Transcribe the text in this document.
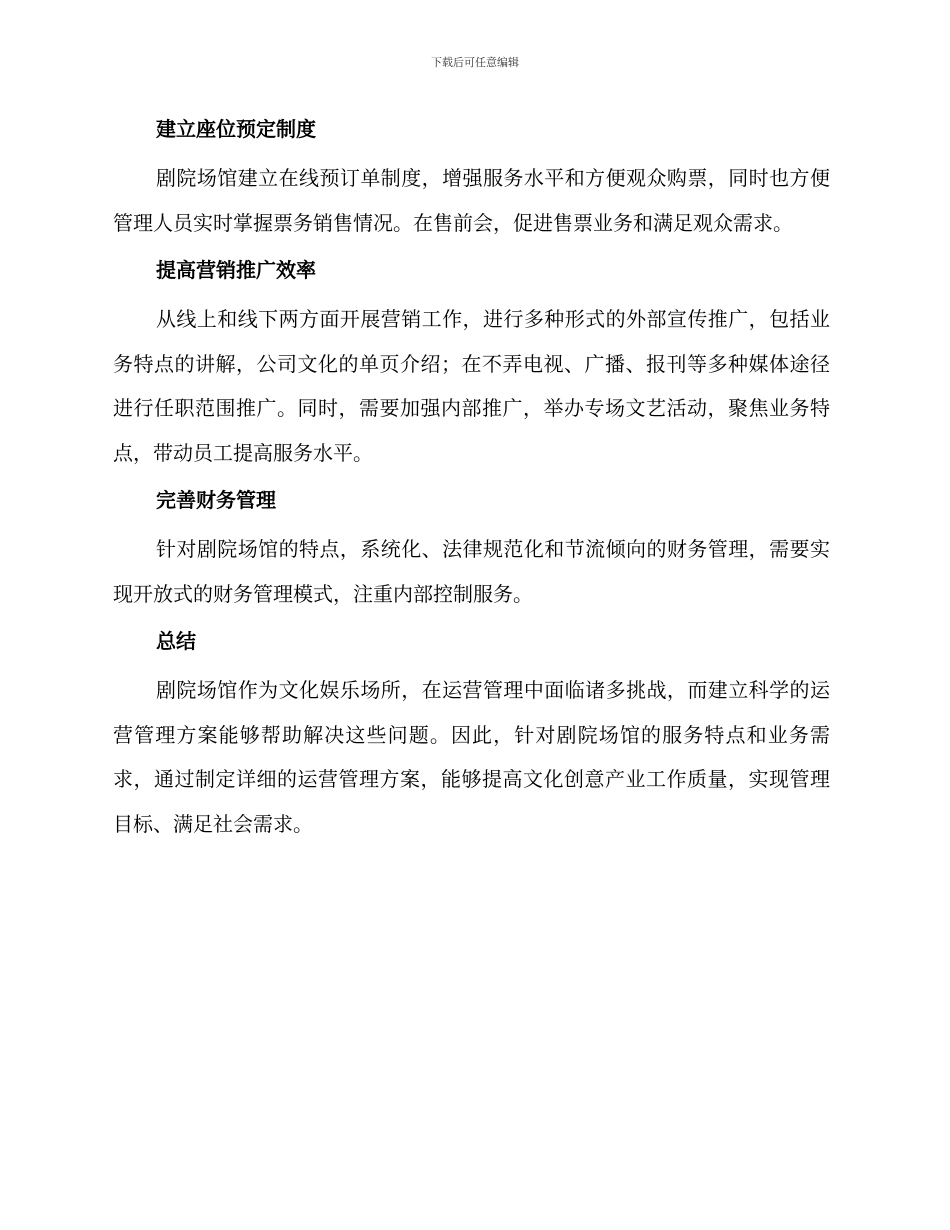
下载后可任意编辑
建立座位预定制度

剧院场馆建立在线预订单制度，增强服务水平和方便观众购票，同时也方便管理人员实时掌握票务销售情况。在售前会，促进售票业务和满足观众需求。

提高营销推广效率

从线上和线下两方面开展营销工作，进行多种形式的外部宣传推广，包括业务特点的讲解，公司文化的单页介绍；在不弄电视、广播、报刊等多种媒体途径进行任职范围推广。同时，需要加强内部推广，举办专场文艺活动，聚焦业务特点，带动员工提高服务水平。

完善财务管理

针对剧院场馆的特点，系统化、法律规范化和节流倾向的财务管理，需要实现开放式的财务管理模式，注重内部控制服务。

总结

剧院场馆作为文化娱乐场所，在运营管理中面临诸多挑战，而建立科学的运营管理方案能够帮助解决这些问题。因此，针对剧院场馆的服务特点和业务需求，通过制定详细的运营管理方案，能够提高文化创意产业工作质量，实现管理目标、满足社会需求。
